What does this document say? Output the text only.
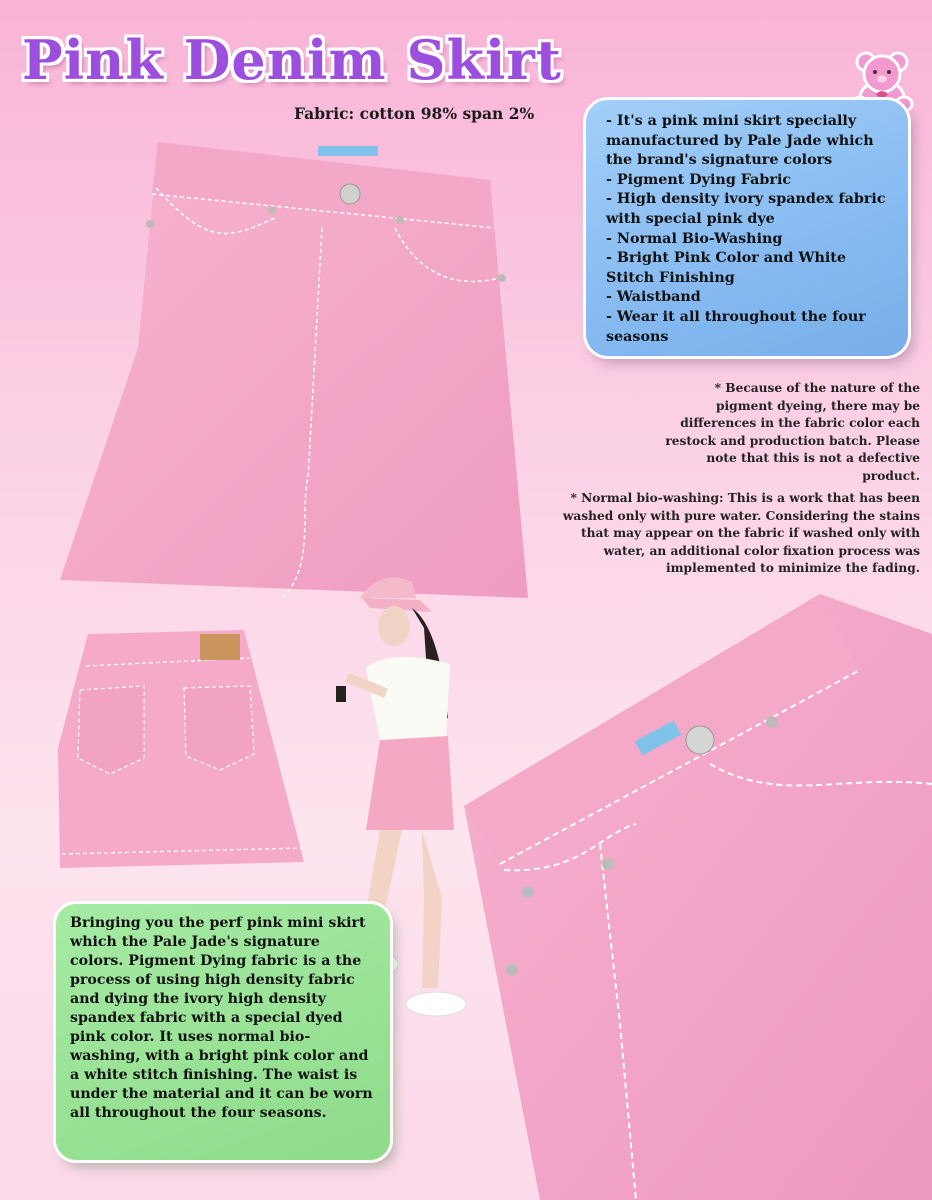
Pink Denim Skirt

Fabric: cotton 98% span 2%	- It's a pink mini skirt specially manufactured by Pale Jade which the brand's signature colors
- Pigment Dying Fabric
- High density ivory spandex fabric with special pink dye
- Normal Bio-Washing
- Bright Pink Color and White Stitch Finishing
- Waistband
- Wear it all throughout the four seasons

* Because of the nature of the pigment dyeing, there may be differences in the fabric color each restock and production batch. Please note that this is not a defective product.

* Normal bio-washing: This is a work that has been washed only with pure water. Considering the stains that may appear on the fabric if washed only with water, an additional color fixation process was implemented to minimize the fading.

Bringing you the perf pink mini skirt which the Pale Jade's signature colors. Pigment Dying fabric is a the process of using high density fabric and dying the ivory high density spandex fabric with a special dyed pink color. It uses normal bio-washing, with a bright pink color and a white stitch finishing. The waist is under the material and it can be worn all throughout the four seasons.
